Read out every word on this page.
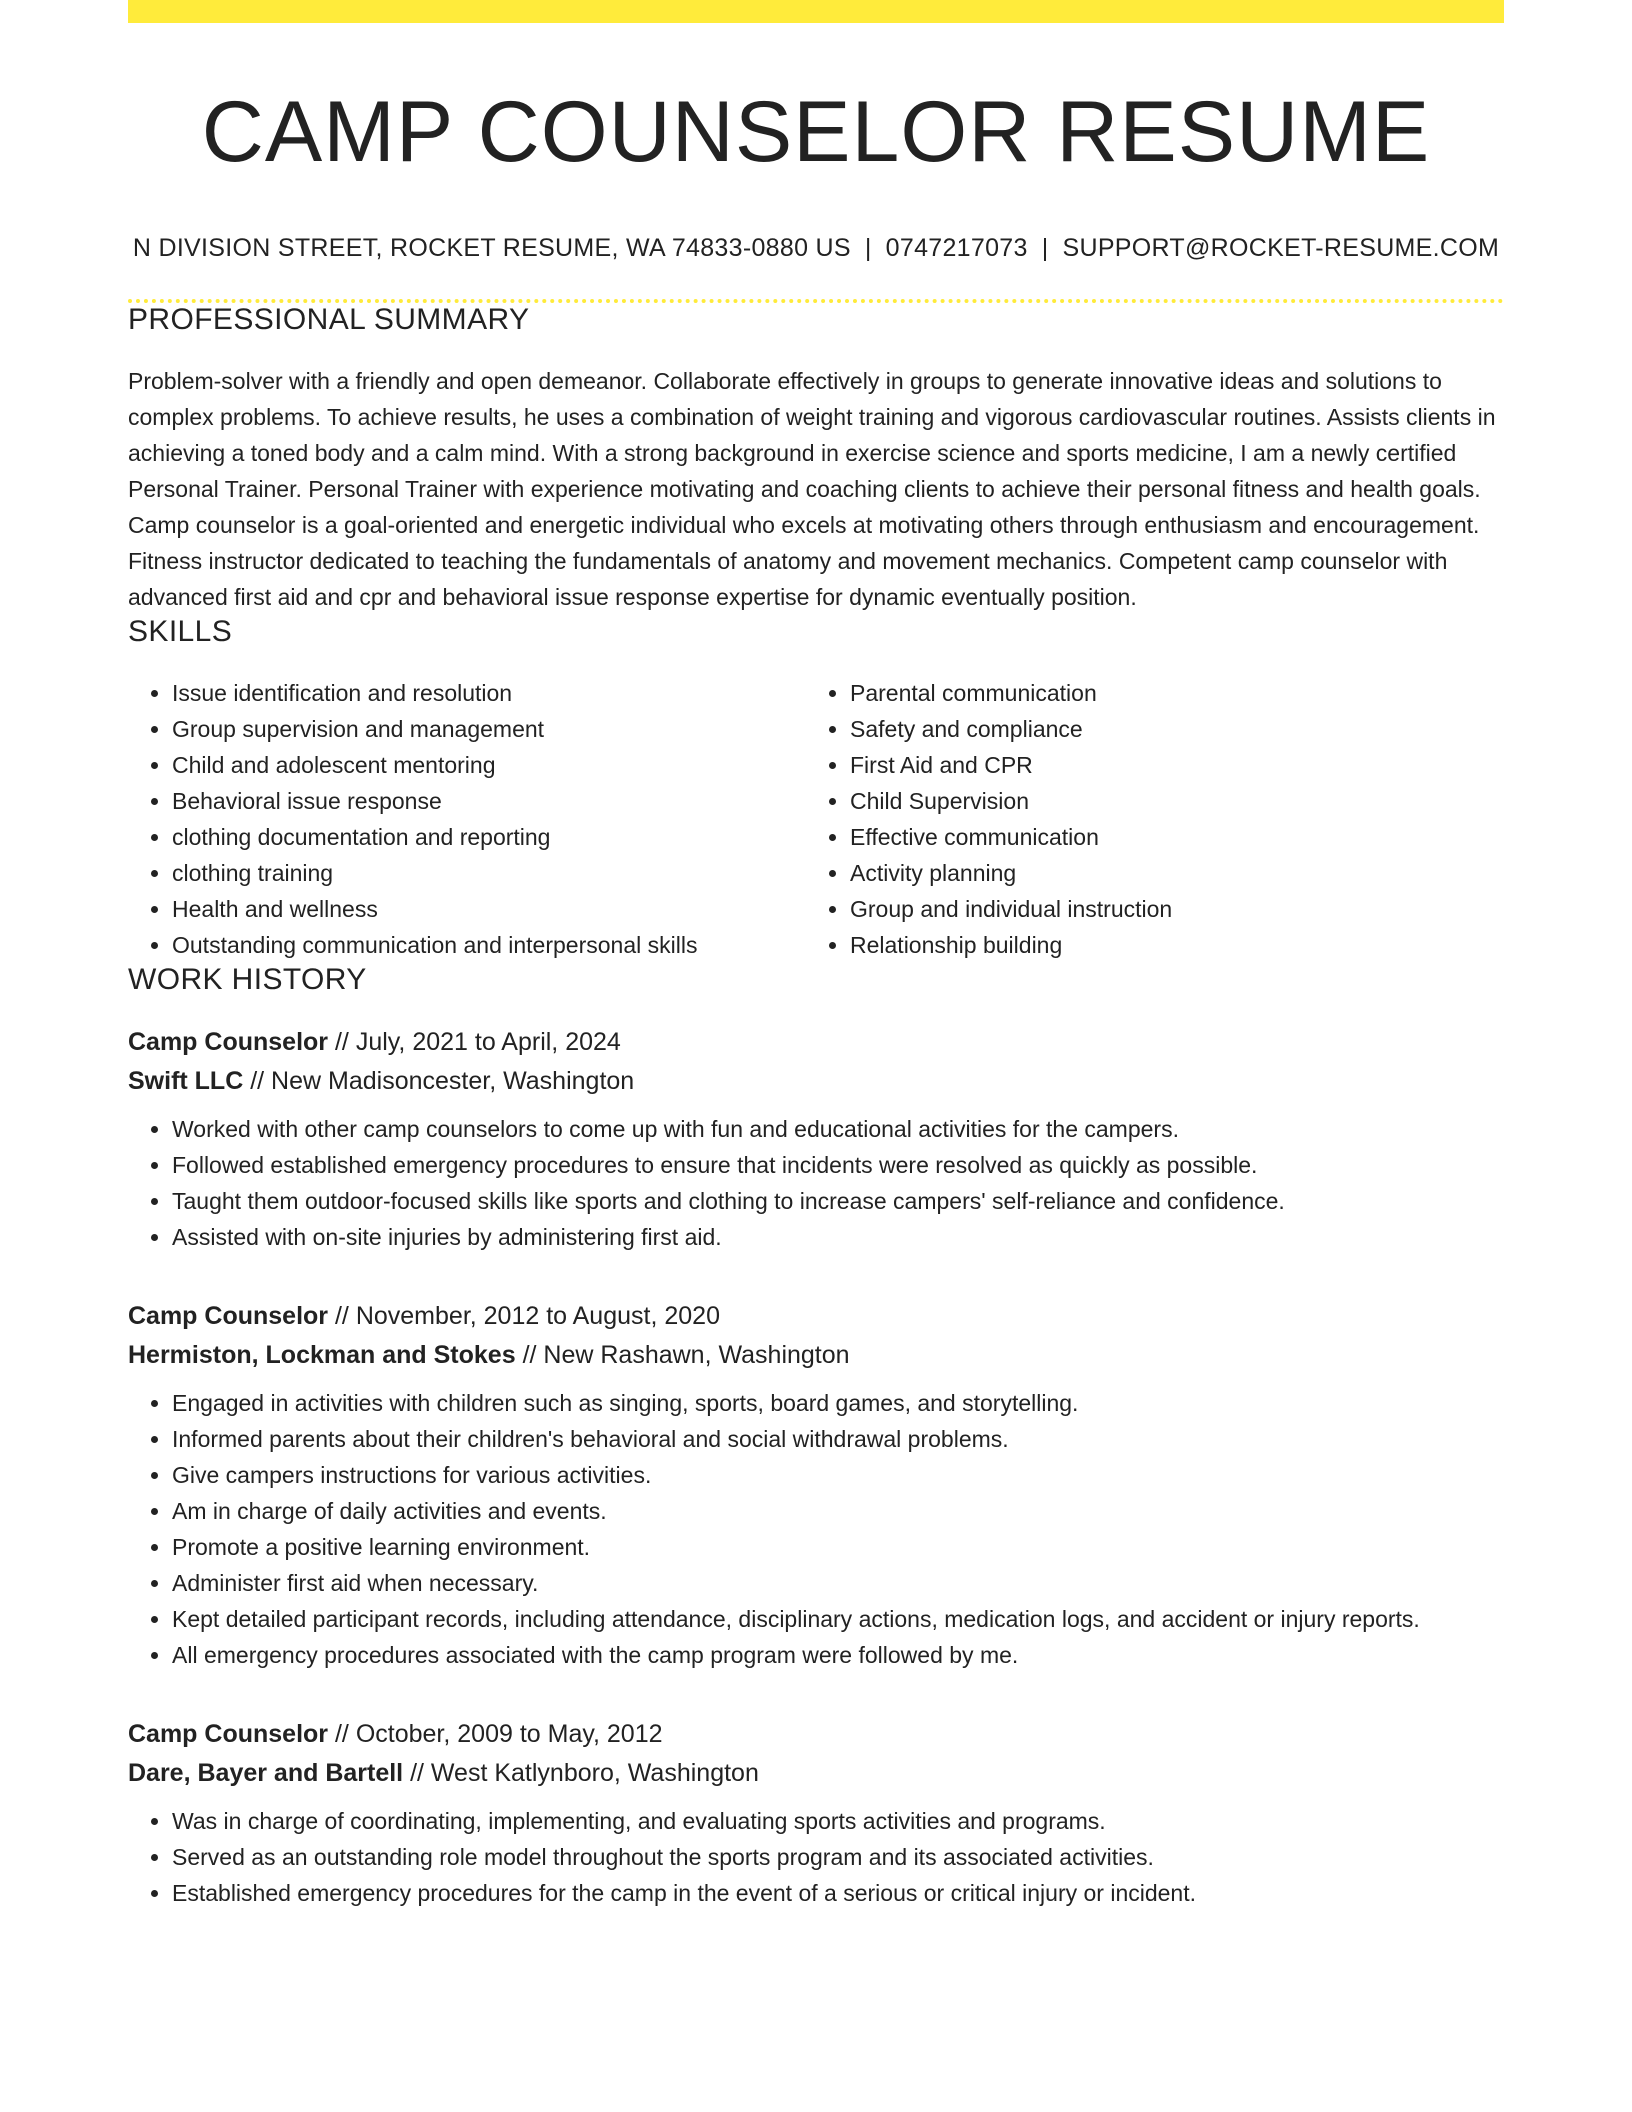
CAMP COUNSELOR RESUME
N DIVISION STREET, ROCKET RESUME, WA 74833-0880 US | 0747217073 | SUPPORT@ROCKET-RESUME.COM
PROFESSIONAL SUMMARY

Problem-solver with a friendly and open demeanor. Collaborate effectively in groups to generate innovative ideas and solutions to complex problems. To achieve results, he uses a combination of weight training and vigorous cardiovascular routines. Assists clients in achieving a toned body and a calm mind. With a strong background in exercise science and sports medicine, I am a newly certified Personal Trainer. Personal Trainer with experience motivating and coaching clients to achieve their personal fitness and health goals. Camp counselor is a goal-oriented and energetic individual who excels at motivating others through enthusiasm and encouragement. Fitness instructor dedicated to teaching the fundamentals of anatomy and movement mechanics. Competent camp counselor with advanced first aid and cpr and behavioral issue response expertise for dynamic eventually position.

SKILLS
• Issue identification and resolution
• Group supervision and management
• Child and adolescent mentoring
• Behavioral issue response
• clothing documentation and reporting
• clothing training
• Health and wellness
• Outstanding communication and interpersonal skills
• Parental communication
• Safety and compliance
• First Aid and CPR
• Child Supervision
• Effective communication
• Activity planning
• Group and individual instruction
• Relationship building
WORK HISTORY
Camp Counselor // July, 2021 to April, 2024
Swift LLC // New Madisoncester, Washington
• Worked with other camp counselors to come up with fun and educational activities for the campers.
• Followed established emergency procedures to ensure that incidents were resolved as quickly as possible.
• Taught them outdoor-focused skills like sports and clothing to increase campers' self-reliance and confidence.
• Assisted with on-site injuries by administering first aid.
Camp Counselor // November, 2012 to August, 2020
Hermiston, Lockman and Stokes // New Rashawn, Washington
• Engaged in activities with children such as singing, sports, board games, and storytelling.
• Informed parents about their children's behavioral and social withdrawal problems.
• Give campers instructions for various activities.
• Am in charge of daily activities and events.
• Promote a positive learning environment.
• Administer first aid when necessary.
• Kept detailed participant records, including attendance, disciplinary actions, medication logs, and accident or injury reports.
• All emergency procedures associated with the camp program were followed by me.
Camp Counselor // October, 2009 to May, 2012
Dare, Bayer and Bartell // West Katlynboro, Washington
• Was in charge of coordinating, implementing, and evaluating sports activities and programs.
• Served as an outstanding role model throughout the sports program and its associated activities.
• Established emergency procedures for the camp in the event of a serious or critical injury or incident.
